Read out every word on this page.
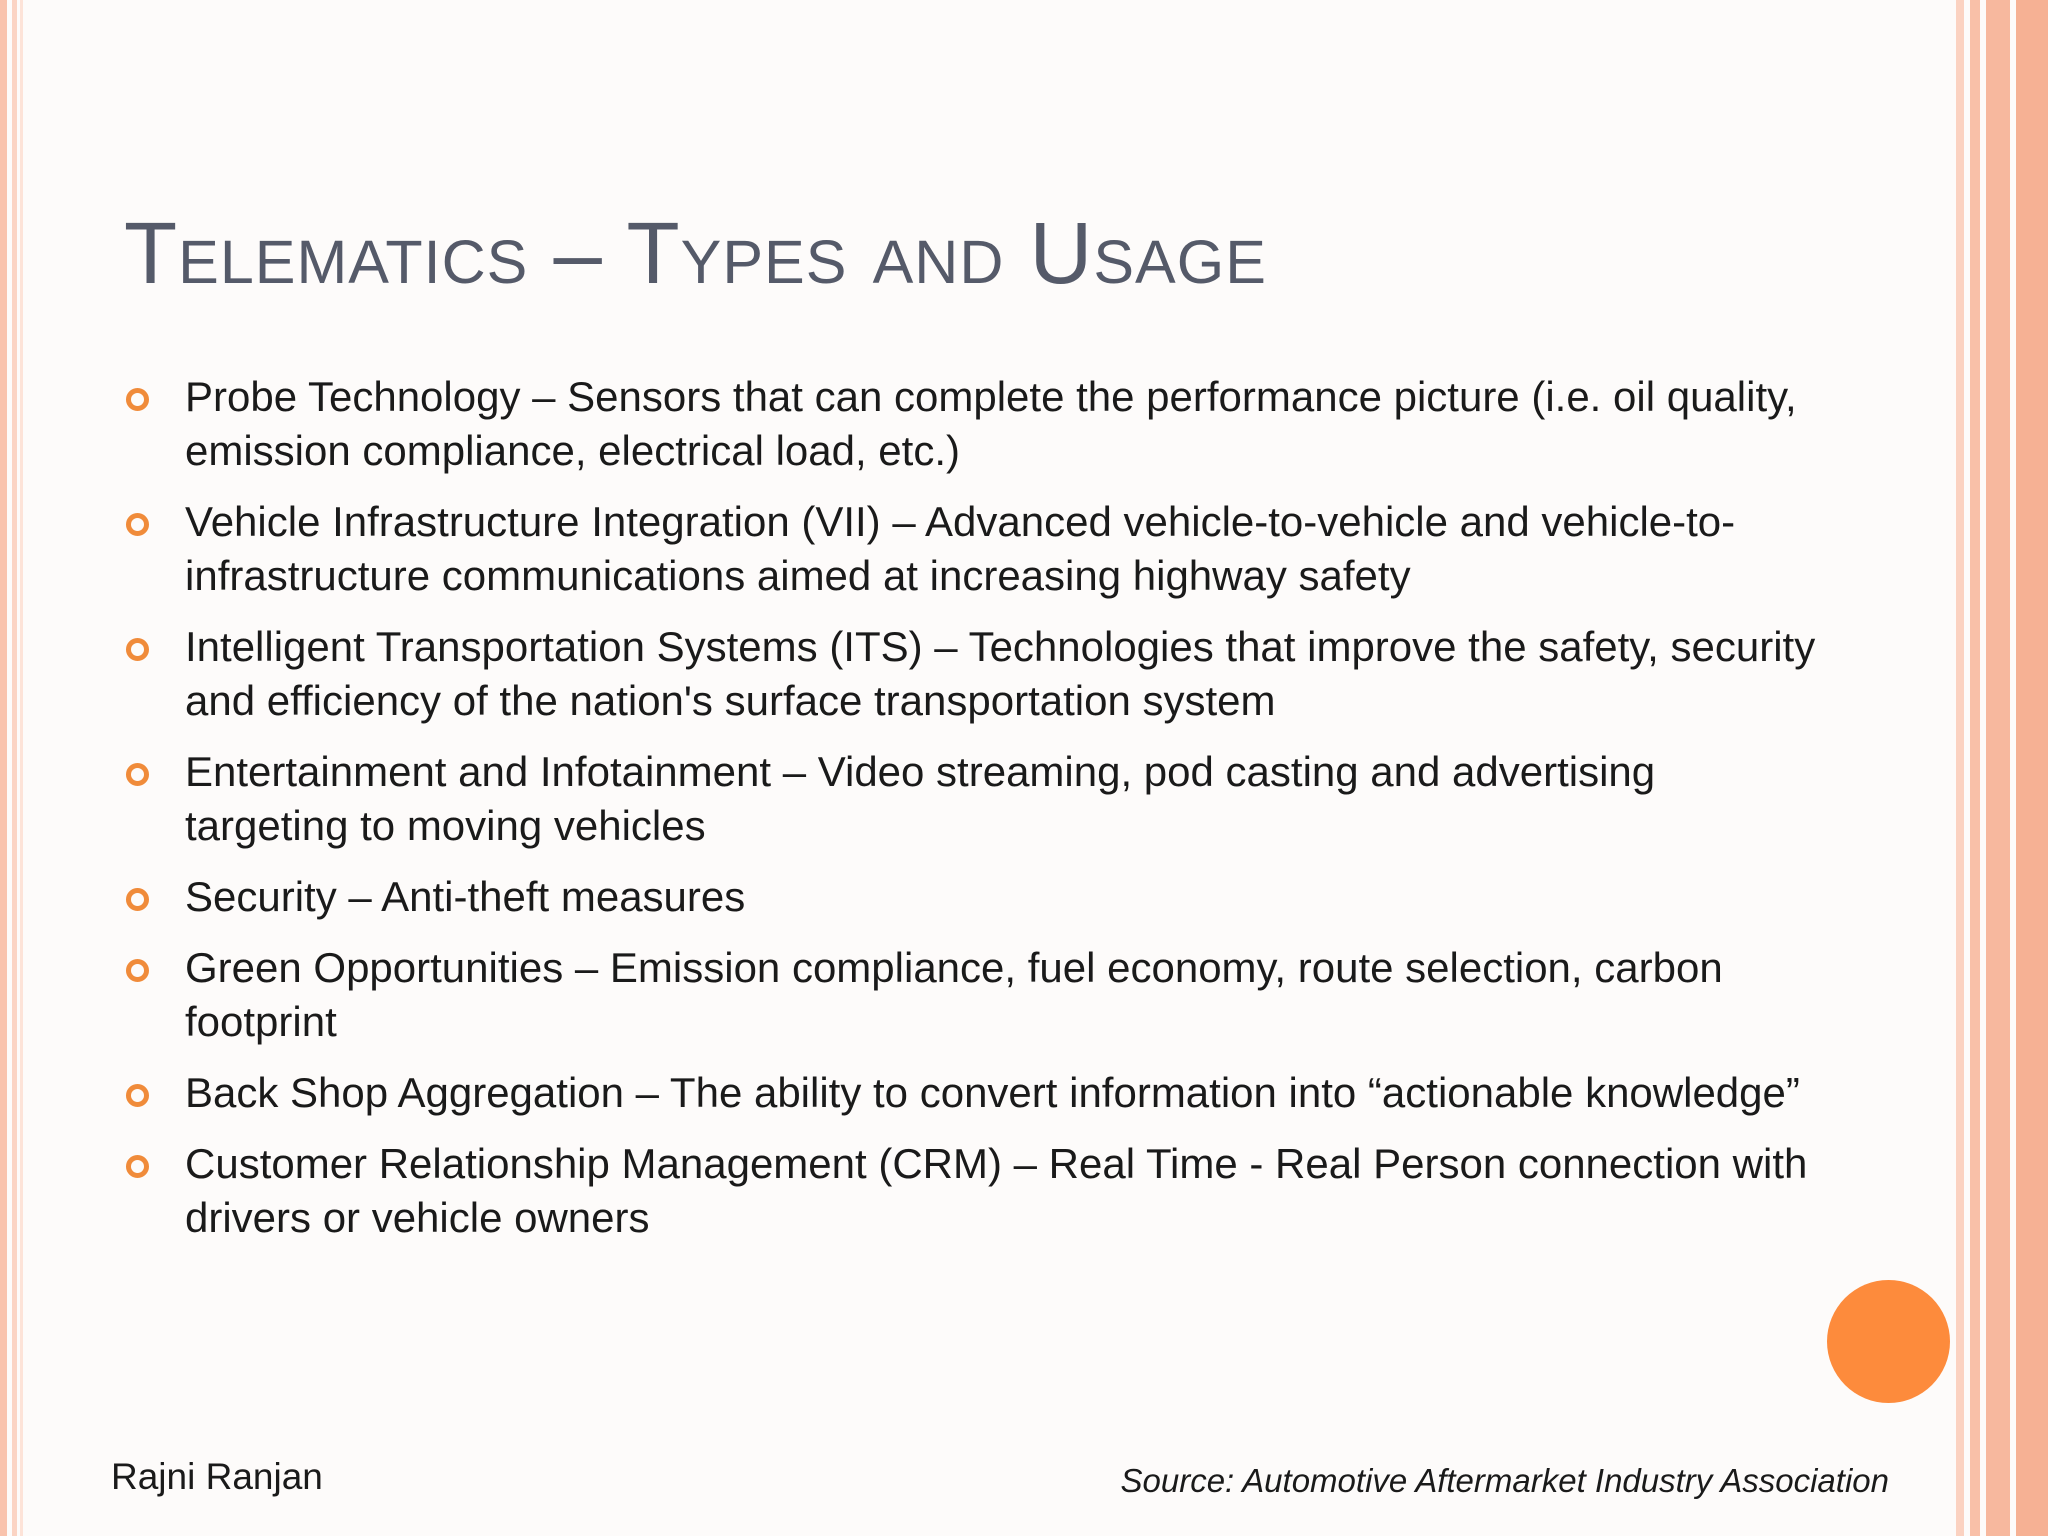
Telematics – Types and Usage
Probe Technology – Sensors that can complete the performance picture (i.e. oil quality, emission compliance, electrical load, etc.)
Vehicle Infrastructure Integration (VII) – Advanced vehicle-to-vehicle and vehicle-to-infrastructure communications aimed at increasing highway safety
Intelligent Transportation Systems (ITS) – Technologies that improve the safety, security and efficiency of the nation's surface transportation system
Entertainment and Infotainment – Video streaming, pod casting and advertising targeting to moving vehicles
Security – Anti-theft measures
Green Opportunities – Emission compliance, fuel economy, route selection, carbon footprint
Back Shop Aggregation – The ability to convert information into “actionable knowledge”
Customer Relationship Management (CRM) – Real Time - Real Person connection with drivers or vehicle owners
Rajni Ranjan	Source: Automotive Aftermarket Industry Association
